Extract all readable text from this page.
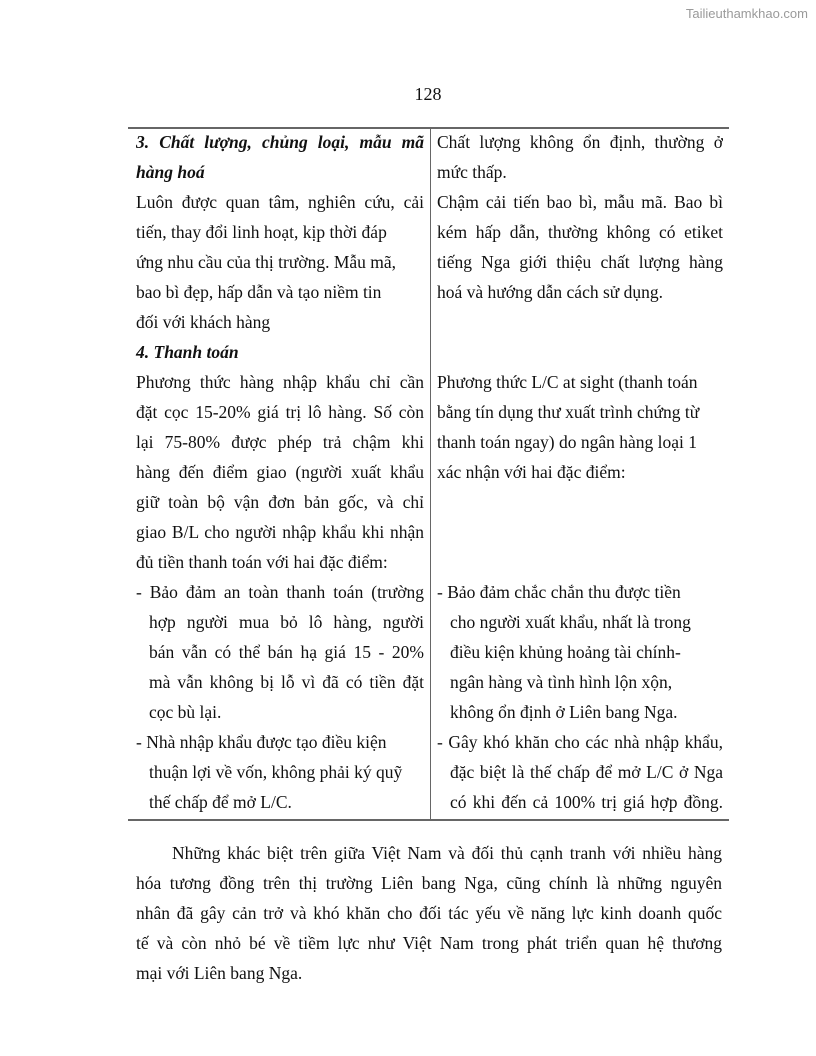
Tailieuthamkhao.com
128
3. Chất lượng, chủng loại, mẫu mã
hàng hoá
Luôn được quan tâm, nghiên cứu, cải
tiến, thay đổi linh hoạt, kịp thời đáp
ứng nhu cầu của thị trường. Mẫu mã,
bao bì đẹp, hấp dẫn và tạo niềm tin
đối với khách hàng
4. Thanh toán
Phương thức hàng nhập khẩu chỉ cần
đặt cọc 15-20% giá trị lô hàng. Số còn
lại 75-80% được phép trả chậm khi
hàng đến điểm giao (người xuất khẩu
giữ toàn bộ vận đơn bản gốc, và chỉ
giao B/L cho người nhập khẩu khi nhận
đủ tiền thanh toán với hai đặc điểm:
- Bảo đảm an toàn thanh toán (trường
hợp người mua bỏ lô hàng, người
bán vẫn có thể bán hạ giá 15 - 20%
mà vẫn không bị lỗ vì đã có tiền đặt
cọc bù lại.
- Nhà nhập khẩu được tạo điều kiện
thuận lợi về vốn, không phải ký quỹ
thế chấp để mở L/C.
Chất lượng không ổn định, thường ở
mức thấp.
Chậm cải tiến bao bì, mẫu mã. Bao bì
kém hấp dẫn, thường không có etiket
tiếng Nga giới thiệu chất lượng hàng
hoá và hướng dẫn cách sử dụng.
Phương thức L/C at sight (thanh toán
bằng tín dụng thư xuất trình chứng từ
thanh toán ngay) do ngân hàng loại 1
xác nhận với hai đặc điểm:
- Bảo đảm chắc chắn thu được tiền
cho người xuất khẩu, nhất là trong
điều kiện khủng hoảng tài chính-
ngân hàng và tình hình lộn xộn,
không ổn định ở Liên bang Nga.
- Gây khó khăn cho các nhà nhập khẩu,
đặc biệt là thế chấp để mở L/C ở Nga
có khi đến cả 100% trị giá hợp đồng.
Những khác biệt trên giữa Việt Nam và đối thủ cạnh tranh với nhiều hàng
hóa tương đồng trên thị trường Liên bang Nga, cũng chính là những nguyên
nhân đã gây cản trở và khó khăn cho đối tác yếu về năng lực kinh doanh quốc
tế và còn nhỏ bé về tiềm lực như Việt Nam trong phát triển quan hệ thương
mại với Liên bang Nga.
